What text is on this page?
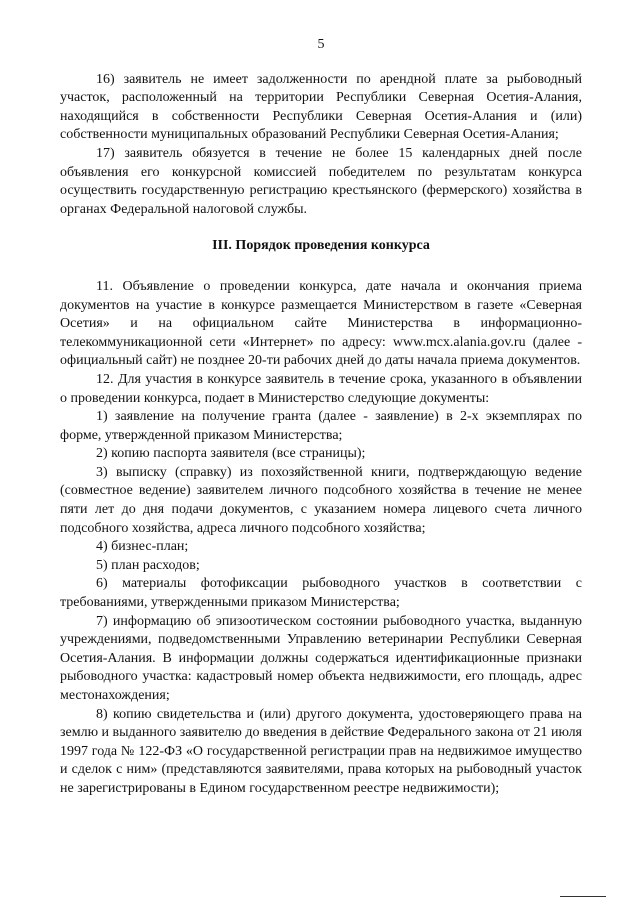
5

16) заявитель не имеет задолженности по арендной плате за рыбоводный участок, расположенный на территории Республики Северная Осетия-Алания, находящийся в собственности Республики Северная Осетия-Алания и (или) собственности муниципальных образований Республики Северная Осетия-Алания;

17) заявитель обязуется в течение не более 15 календарных дней после объявления его конкурсной комиссией победителем по результатам конкурса осуществить государственную регистрацию крестьянского (фермерского) хозяйства в органах Федеральной налоговой службы.

III. Порядок проведения конкурса

11. Объявление о проведении конкурса, дате начала и окончания приема документов на участие в конкурсе размещается Министерством в газете «Северная Осетия» и на официальном сайте Министерства в информационно-телекоммуникационной сети «Интернет» по адресу: www.mcx.alania.gov.ru (далее - официальный сайт) не позднее 20-ти рабочих дней до даты начала приема документов.

12. Для участия в конкурсе заявитель в течение срока, указанного в объявлении о проведении конкурса, подает в Министерство следующие документы:

1) заявление на получение гранта (далее - заявление) в 2-х экземплярах по форме, утвержденной приказом Министерства;

2) копию паспорта заявителя (все страницы);

3) выписку (справку) из похозяйственной книги, подтверждающую ведение (совместное ведение) заявителем личного подсобного хозяйства в течение не менее пяти лет до дня подачи документов, с указанием номера лицевого счета личного подсобного хозяйства, адреса личного подсобного хозяйства;

4) бизнес-план;

5) план расходов;

6) материалы фотофиксации рыбоводного участков в соответствии с требованиями, утвержденными приказом Министерства;

7) информацию об эпизоотическом состоянии рыбоводного участка, выданную учреждениями, подведомственными Управлению ветеринарии Республики Северная Осетия-Алания. В информации должны содержаться идентификационные признаки рыбоводного участка: кадастровый номер объекта недвижимости, его площадь, адрес местонахождения;

8) копию свидетельства и (или) другого документа, удостоверяющего права на землю и выданного заявителю до введения в действие Федерального закона от 21 июля 1997 года № 122-ФЗ «О государственной регистрации прав на недвижимое имущество и сделок с ним» (представляются заявителями, права которых на рыбоводный участок не зарегистрированы в Едином государственном реестре недвижимости);
